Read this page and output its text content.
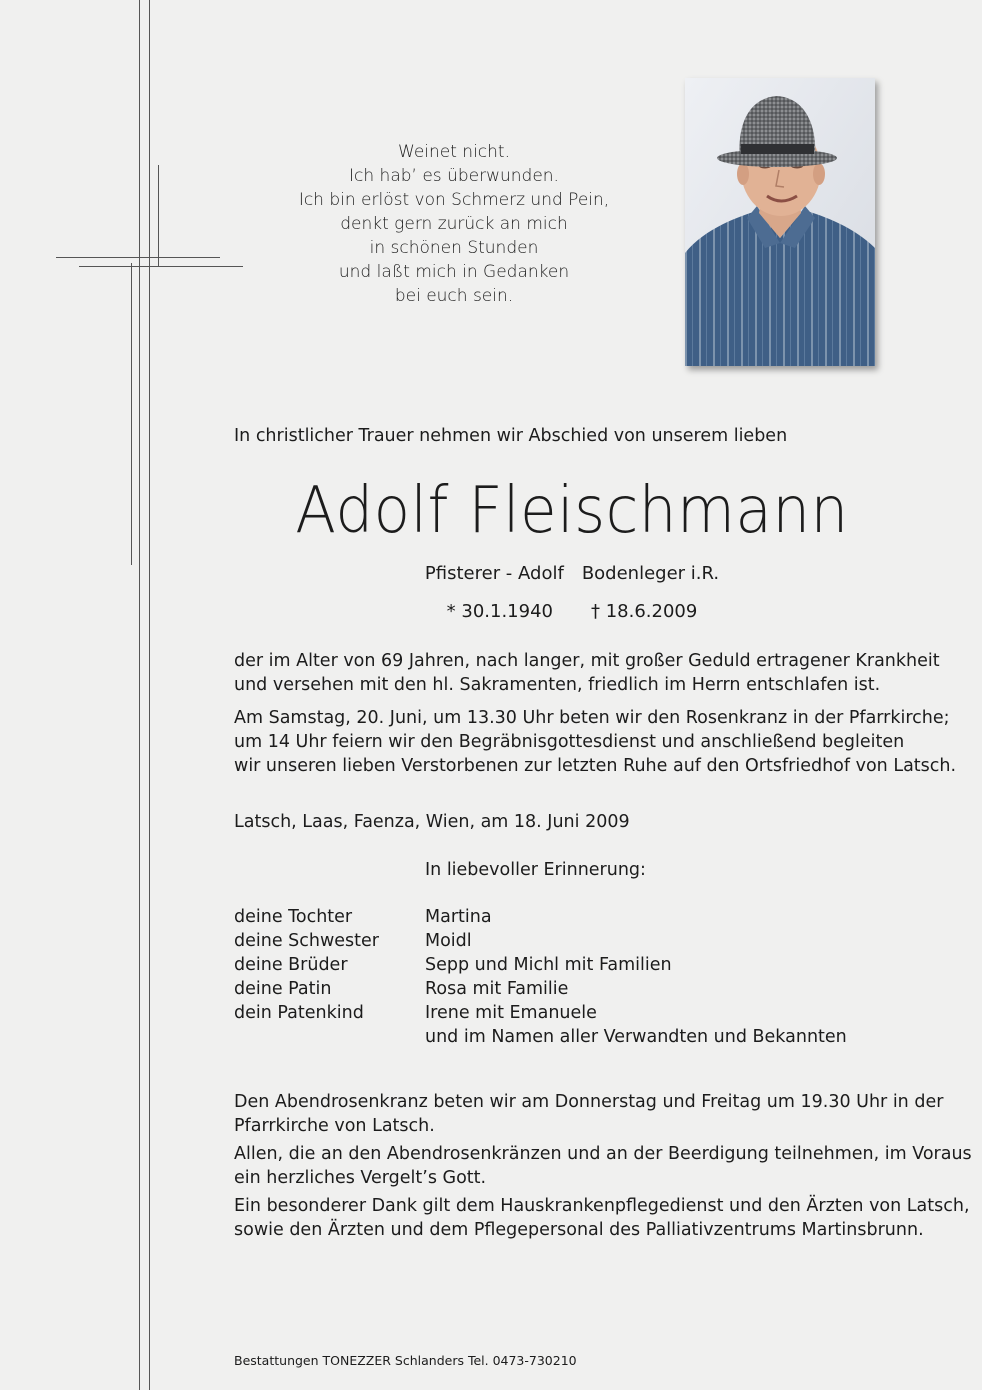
Weinet nicht.
Ich hab’ es überwunden.
Ich bin erlöst von Schmerz und Pein,
denkt gern zurück an mich
in schönen Stunden
und laßt mich in Gedanken
bei euch sein.
In christlicher Trauer nehmen wir Abschied von unserem lieben
Adolf Fleischmann
Pfisterer - Adolf Bodenleger i.R.
* 30.1.1940 † 18.6.2009
der im Alter von 69 Jahren, nach langer, mit großer Geduld ertragener Krankheit
und versehen mit den hl. Sakramenten, friedlich im Herrn entschlafen ist.
Am Samstag, 20. Juni, um 13.30 Uhr beten wir den Rosenkranz in der Pfarrkirche;
um 14 Uhr feiern wir den Begräbnisgottesdienst und anschließend begleiten
wir unseren lieben Verstorbenen zur letzten Ruhe auf den Ortsfriedhof von Latsch.
Latsch, Laas, Faenza, Wien, am 18. Juni 2009
In liebevoller Erinnerung:
deine Tochter	Martina
deine Schwester	Moidl
deine Brüder	Sepp und Michl mit Familien
deine Patin	Rosa mit Familie
dein Patenkind	Irene mit Emanuele
und im Namen aller Verwandten und Bekannten
Den Abendrosenkranz beten wir am Donnerstag und Freitag um 19.30 Uhr in der
Pfarrkirche von Latsch.
Allen, die an den Abendrosenkränzen und an der Beerdigung teilnehmen, im Voraus
ein herzliches Vergelt’s Gott.
Ein besonderer Dank gilt dem Hauskrankenpflegedienst und den Ärzten von Latsch,
sowie den Ärzten und dem Pflegepersonal des Palliativzentrums Martinsbrunn.
Bestattungen TONEZZER Schlanders Tel. 0473-730210
